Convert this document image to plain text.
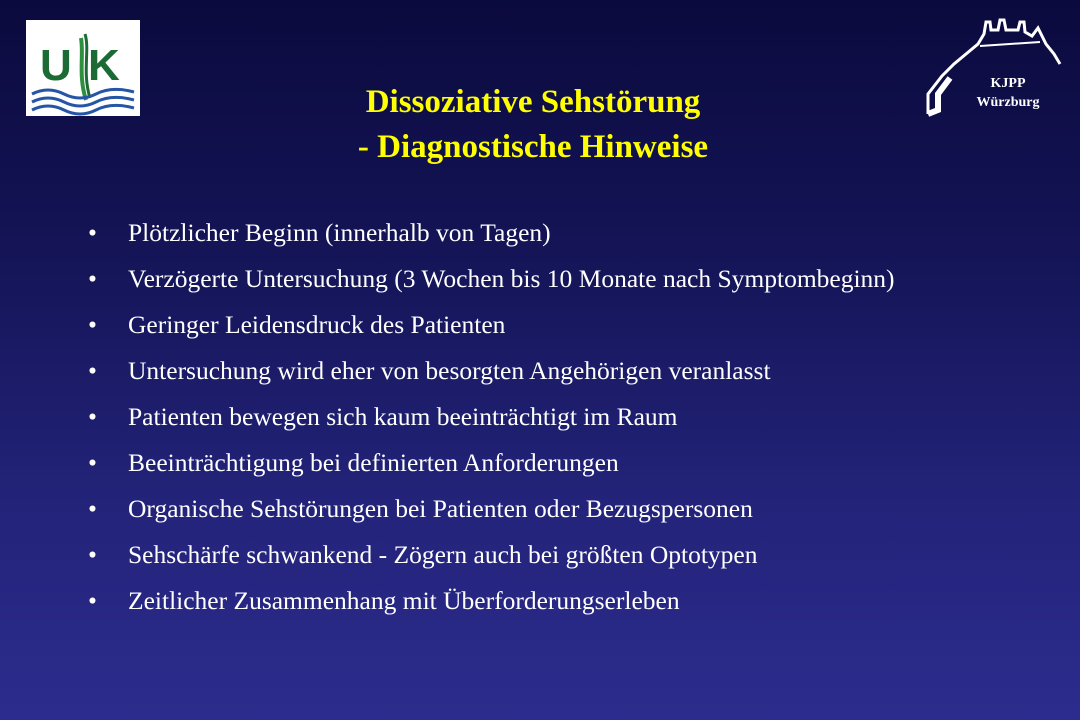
U K	KJPP
Würzburg
Dissoziative Sehstörung
- Diagnostische Hinweise
• Plötzlicher Beginn (innerhalb von Tagen)
• Verzögerte Untersuchung (3 Wochen bis 10 Monate nach Symptombeginn)
• Geringer Leidensdruck des Patienten
• Untersuchung wird eher von besorgten Angehörigen veranlasst
• Patienten bewegen sich kaum beeinträchtigt im Raum
• Beeinträchtigung bei definierten Anforderungen
• Organische Sehstörungen bei Patienten oder Bezugspersonen
• Sehschärfe schwankend - Zögern auch bei größten Optotypen
• Zeitlicher Zusammenhang mit Überforderungserleben
